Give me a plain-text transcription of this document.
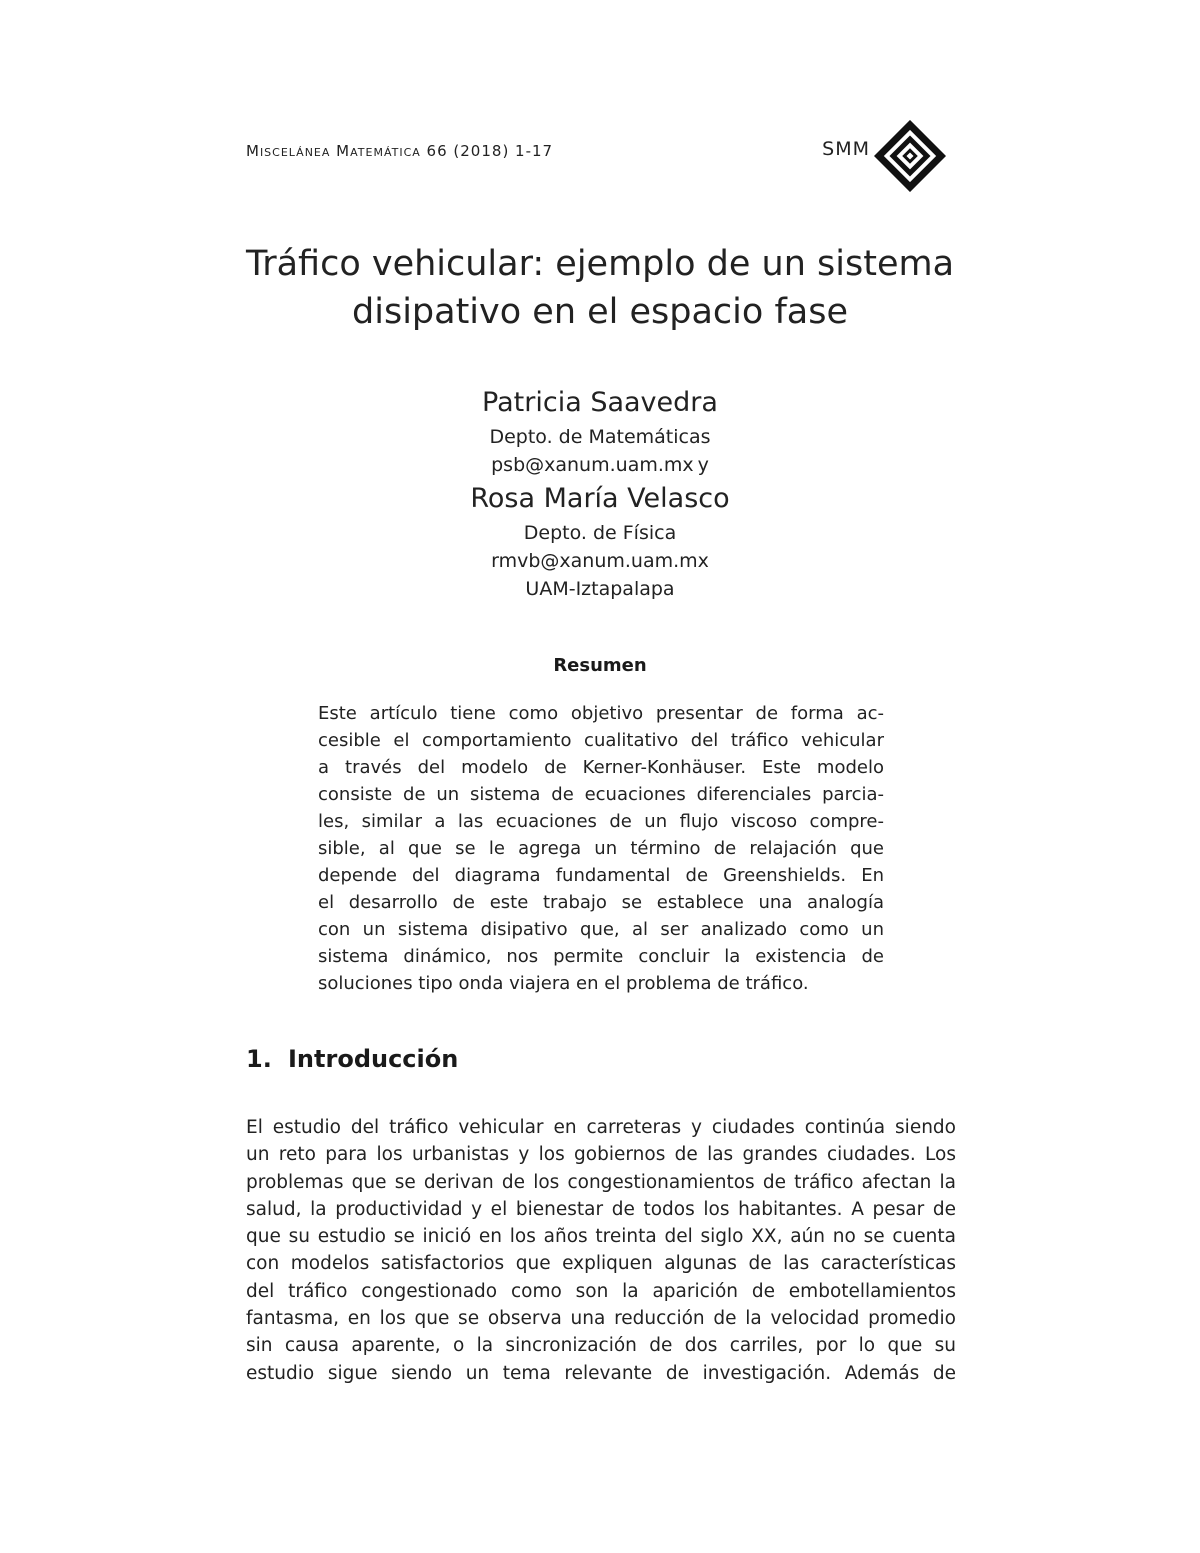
Miscelánea Matemática 66 (2018) 1-17	SMM
Tráfico vehicular: ejemplo de un sistema
disipativo en el espacio fase
Patricia Saavedra
Depto. de Matemáticas
psb@xanum.uam.mx y
Rosa María Velasco
Depto. de Física
rmvb@xanum.uam.mx
UAM-Iztapalapa
Resumen
Este artículo tiene como objetivo presentar de forma ac-
cesible el comportamiento cualitativo del tráfico vehicular
a través del modelo de Kerner-Konhäuser. Este modelo
consiste de un sistema de ecuaciones diferenciales parcia-
les, similar a las ecuaciones de un flujo viscoso compre-
sible, al que se le agrega un término de relajación que
depende del diagrama fundamental de Greenshields. En
el desarrollo de este trabajo se establece una analogía
con un sistema disipativo que, al ser analizado como un
sistema dinámico, nos permite concluir la existencia de
soluciones tipo onda viajera en el problema de tráfico.
1. Introducción
El estudio del tráfico vehicular en carreteras y ciudades continúa siendo
un reto para los urbanistas y los gobiernos de las grandes ciudades. Los
problemas que se derivan de los congestionamientos de tráfico afectan la
salud, la productividad y el bienestar de todos los habitantes. A pesar de
que su estudio se inició en los años treinta del siglo XX, aún no se cuenta
con modelos satisfactorios que expliquen algunas de las características
del tráfico congestionado como son la aparición de embotellamientos
fantasma, en los que se observa una reducción de la velocidad promedio
sin causa aparente, o la sincronización de dos carriles, por lo que su
estudio sigue siendo un tema relevante de investigación. Además de
